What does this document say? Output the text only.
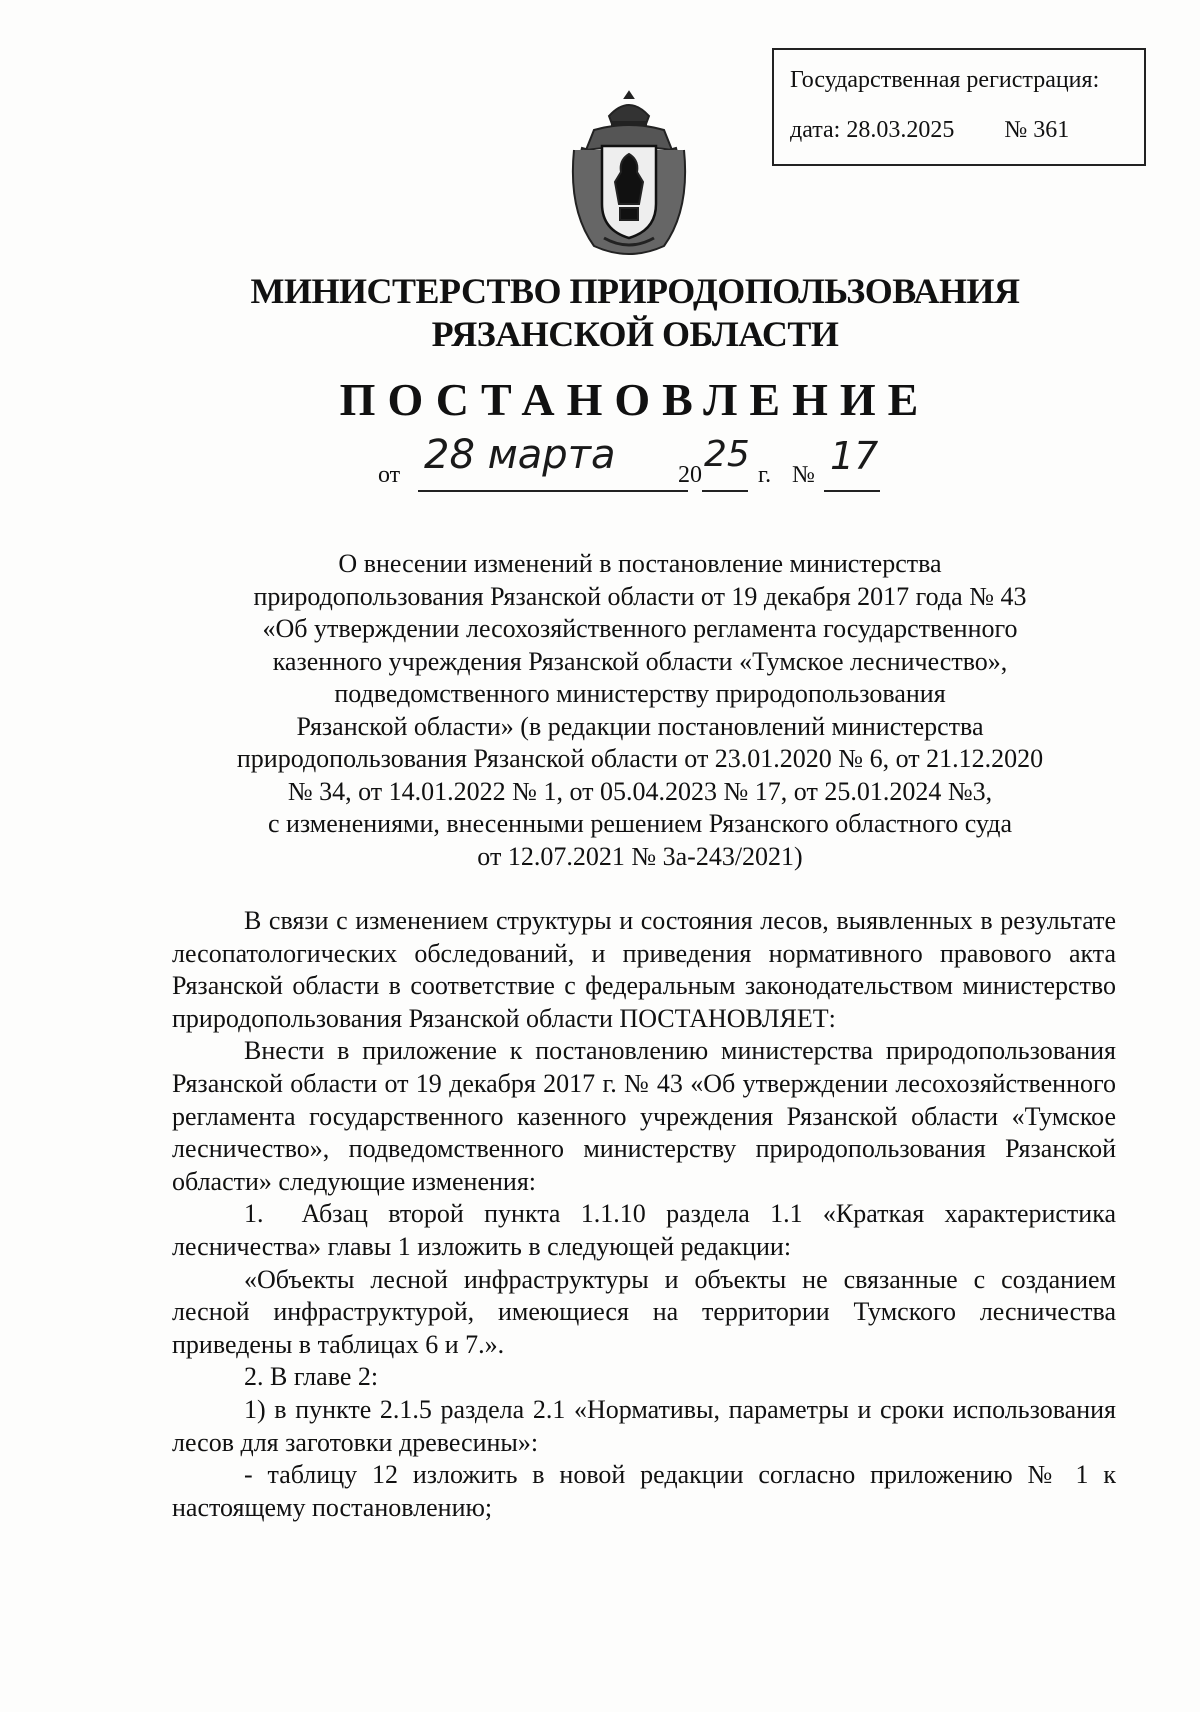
Государственная регистрация:
дата: 28.03.2025 № 361
МИНИСТЕРСТВО ПРИРОДОПОЛЬЗОВАНИЯ
РЯЗАНСКОЙ ОБЛАСТИ
ПОСТАНОВЛЕНИЕ
от 28 марта	20 25 г. № 17
О внесении изменений в постановление министерства
природопользования Рязанской области от 19 декабря 2017 года № 43
«Об утверждении лесохозяйственного регламента государственного
казенного учреждения Рязанской области «Тумское лесничество»,
подведомственного министерству природопользования
Рязанской области» (в редакции постановлений министерства
природопользования Рязанской области от 23.01.2020 № 6, от 21.12.2020
№ 34, от 14.01.2022 № 1, от 05.04.2023 № 17, от 25.01.2024 №3,
с изменениями, внесенными решением Рязанского областного суда
от 12.07.2021 № 3а-243/2021)

В связи с изменением структуры и состояния лесов, выявленных в результате лесопатологических обследований, и приведения нормативного правового акта Рязанской области в соответствие с федеральным законодательством министерство природопользования Рязанской области ПОСТАНОВЛЯЕТ:

Внести в приложение к постановлению министерства природопользования Рязанской области от 19 декабря 2017 г. № 43 «Об утверждении лесохозяйственного регламента государственного казенного учреждения Рязанской области «Тумское лесничество», подведомственного министерству природопользования Рязанской области» следующие изменения:

1. Абзац второй пункта 1.1.10 раздела 1.1 «Краткая характеристика лесничества» главы 1 изложить в следующей редакции:

«Объекты лесной инфраструктуры и объекты не связанные с созданием лесной инфраструктурой, имеющиеся на территории Тумского лесничества приведены в таблицах 6 и 7.».

2. В главе 2:

1) в пункте 2.1.5 раздела 2.1 «Нормативы, параметры и сроки использования лесов для заготовки древесины»:

- таблицу 12 изложить в новой редакции согласно приложению № 1 к настоящему постановлению;
